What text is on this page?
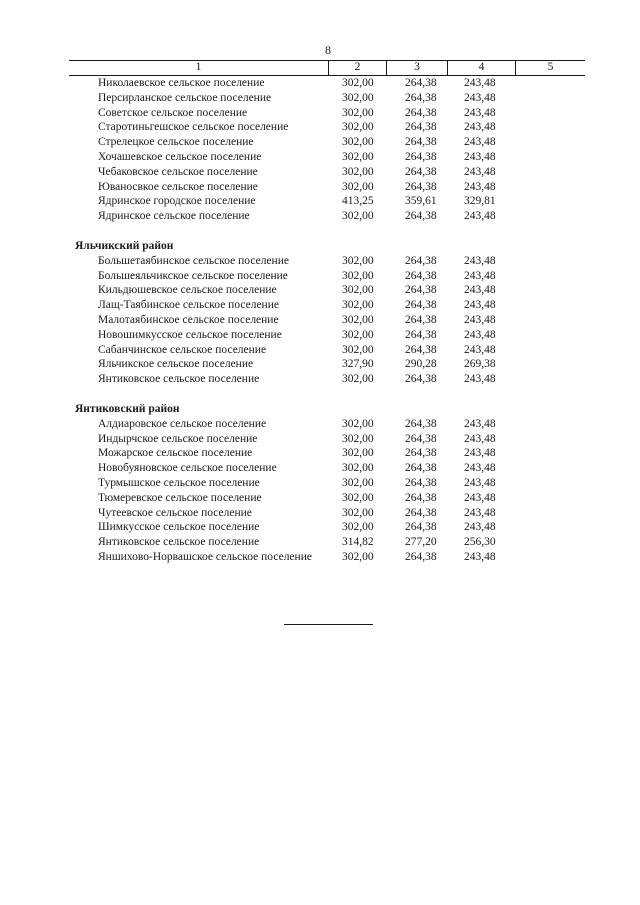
8
1	2	3	4	5
Николаевское сельское поселение	302,00	264,38	243,48
Персирланское сельское поселение	302,00	264,38	243,48
Советское сельское поселение	302,00	264,38	243,48
Старотиньгешское сельское поселение	302,00	264,38	243,48
Стрелецкое сельское поселение	302,00	264,38	243,48
Хочашевское сельское поселение	302,00	264,38	243,48
Чебаковское сельское поселение	302,00	264,38	243,48
Юваносвкое сельское поселение	302,00	264,38	243,48
Ядринское городское поселение	413,25	359,61	329,81
Ядринское сельское поселение	302,00	264,38	243,48
Яльчикский район
Большетаябинское сельское поселение	302,00	264,38	243,48
Большеяльчикское сельское поселение	302,00	264,38	243,48
Кильдюшевское сельское поселение	302,00	264,38	243,48
Лащ-Таябинское сельское поселение	302,00	264,38	243,48
Малотаябинское сельское поселение	302,00	264,38	243,48
Новошимкусское сельское поселение	302,00	264,38	243,48
Сабанчинское сельское поселение	302,00	264,38	243,48
Яльчикское сельское поселение	327,90	290,28	269,38
Янтиковское сельское поселение	302,00	264,38	243,48
Янтиковский район
Алдиаровское сельское поселение	302,00	264,38	243,48
Индырчское сельское поселение	302,00	264,38	243,48
Можарское сельское поселение	302,00	264,38	243,48
Новобуяновское сельское поселение	302,00	264,38	243,48
Турмышское сельское поселение	302,00	264,38	243,48
Тюмеревское сельское поселение	302,00	264,38	243,48
Чутеевское сельское поселение	302,00	264,38	243,48
Шимкусское сельское поселение	302,00	264,38	243,48
Янтиковское сельское поселение	314,82	277,20	256,30
Яншихово-Норвашское сельское поселение	302,00	264,38	243,48
